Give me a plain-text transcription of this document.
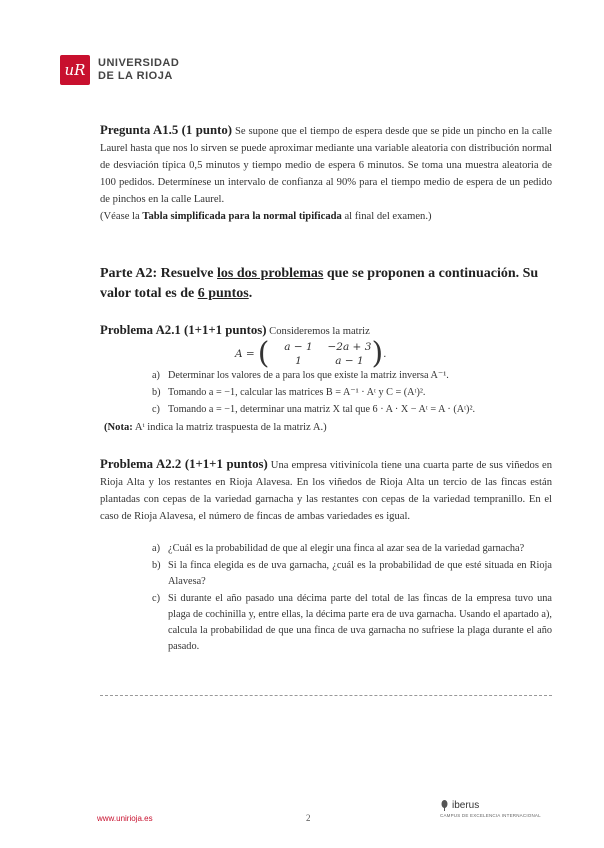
uR	UNIVERSIDAD
DE LA RIOJA
Pregunta A1.5 (1 punto) Se supone que el tiempo de espera desde que se pide un pincho en la calle Laurel hasta que nos lo sirven se puede aproximar mediante una variable aleatoria con distribución normal de desviación típica 0,5 minutos y tiempo medio de espera 6 minutos. Se toma una muestra aleatoria de 100 pedidos. Determínese un intervalo de confianza al 90% para el tiempo medio de espera de un pedido de pinchos en la calle Laurel.
(Véase la Tabla simplificada para la normal tipificada al final del examen.)
Parte A2: Resuelve los dos problemas que se proponen a continuación. Su valor total es de 6 puntos.
Problema A2.1 (1+1+1 puntos) Consideremos la matriz
A = (	a − 1	−2a + 3
1	a − 1 ) .
a) Determinar los valores de a para los que existe la matriz inversa A⁻¹.
b) Tomando a = −1, calcular las matrices B = A⁻¹ · Aᵗ y C = (Aᵗ)².
c) Tomando a = −1, determinar una matriz X tal que 6 · A · X − Aᵗ = A · (Aᵗ)².
(Nota: Aᵗ indica la matriz traspuesta de la matriz A.)
Problema A2.2 (1+1+1 puntos) Una empresa vitivinícola tiene una cuarta parte de sus viñedos en Rioja Alta y los restantes en Rioja Alavesa. En los viñedos de Rioja Alta un tercio de las fincas están plantadas con cepas de la variedad garnacha y las restantes con cepas de la variedad tempranillo. En el caso de Rioja Alavesa, el número de fincas de ambas variedades es igual.
a) ¿Cuál es la probabilidad de que al elegir una finca al azar sea de la variedad garnacha?
b) Si la finca elegida es de uva garnacha, ¿cuál es la probabilidad de que esté situada en Rioja Alavesa?
c) Si durante el año pasado una décima parte del total de las fincas de la empresa tuvo una plaga de cochinilla y, entre ellas, la décima parte era de uva garnacha. Usando el apartado a), calcula la probabilidad de que una finca de uva garnacha no sufriese la plaga durante el año pasado.
www.unirioja.es	2
iberus
CAMPUS DE EXCELENCIA INTERNACIONAL
